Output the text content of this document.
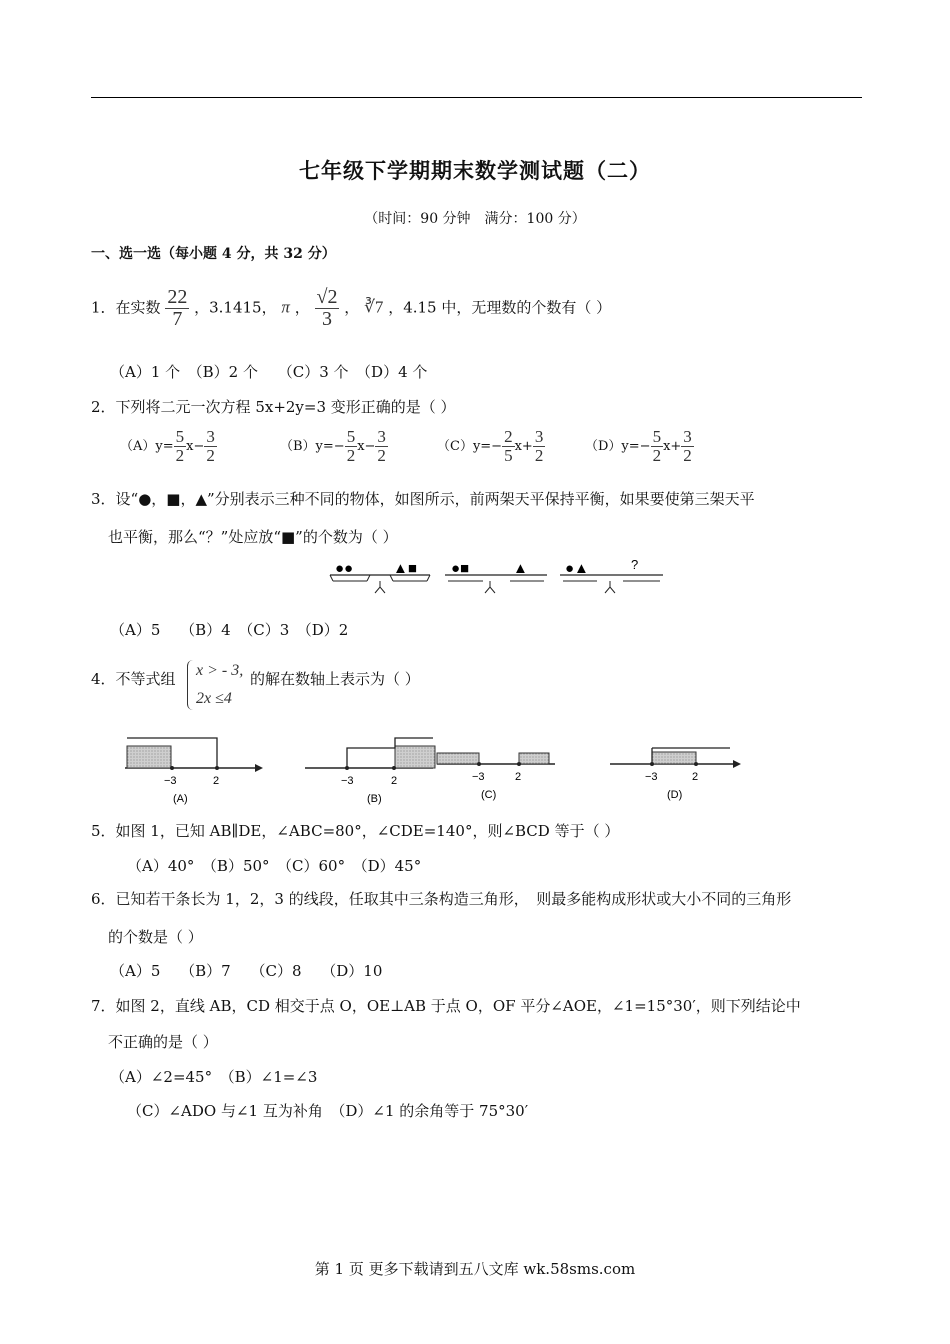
七年级下学期期末数学测试题（二）
（时间：90 分钟　满分：100 分）
一、选一选（每小题 4 分，共 32 分）
1．在实数 $\frac{22}{7}$ ，3.1415， π ， $\frac{√2}{3}$ ， ∛7 ，4.15 中，无理数的个数有（ ）
（A）1 个　（B）2 个　 （C）3 个　（D）4 个
2．下列将二元一次方程 5x+2y=3 变形正确的是（ ）
$(A)y= \frac{5}{2} x- \frac{3}{2}$	$(B)y=- \frac{5}{2} x- \frac{3}{2}$	$(C)y=- \frac{2}{5} x+ \frac{3}{2}$	$(D)y=- \frac{5}{2} x+ \frac{3}{2}$
3．设“●，■，▲”分别表示三种不同的物体，如图所示，前两架天平保持平衡，如果要使第三架天平
也平衡，那么“？”处应放“■”的个数为（ ）
●●	▲■ ●■	▲ ●▲	?
（A）5　 （B）4　（C）3　（D）2
4．不等式组 x > - 3,
2x ≤4
的解在数轴上表示为（ ）
−3	2
(A)
−3	2
(B)
−3	2
(C)
−3	2
(D)
5．如图 1，已知 AB∥DE，∠ABC=80°，∠CDE=140°，则∠BCD 等于（ ）
（A）40°　（B）50°　（C）60°　（D）45°
6．已知若干条长为 1，2，3 的线段，任取其中三条构造三角形，　则最多能构成形状或大小不同的三角形
的个数是（ ）
（A）5　 （B）7　 （C）8　 （D）10
7．如图 2，直线 AB，CD 相交于点 O，OE⊥AB 于点 O，OF 平分∠AOE，∠1=15°30′，则下列结论中
不正确的是（ ）
（A）∠2=45°　（B）∠1=∠3
（C）∠ADO 与∠1 互为补角　（D）∠1 的余角等于 75°30′
第 1 页 更多下载请到五八文库 wk.58sms.com
